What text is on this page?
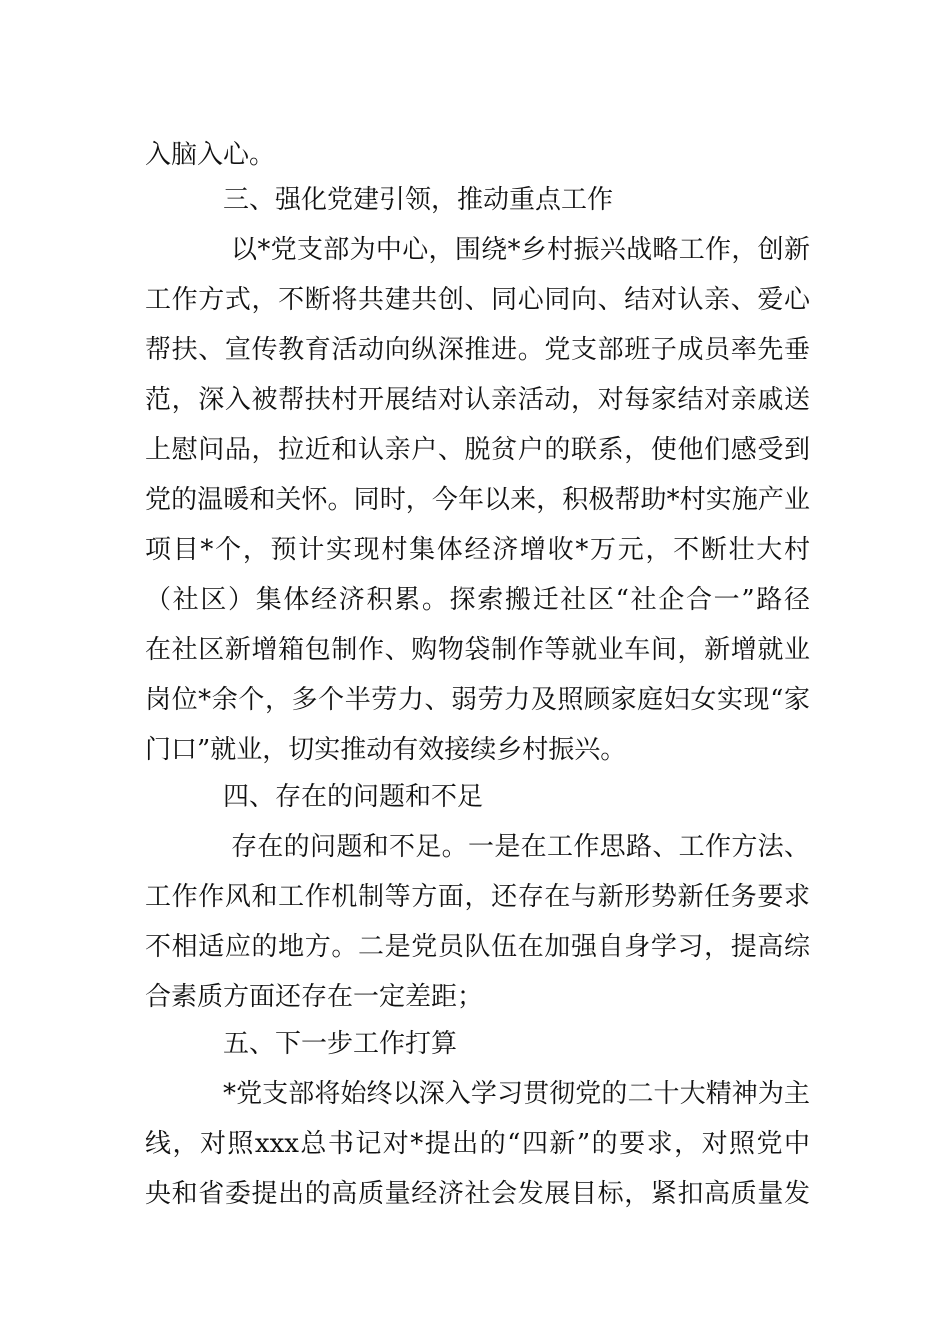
入脑入心。
三、强化党建引领，推动重点工作
以*党支部为中心，围绕*乡村振兴战略工作，创新
工作方式，不断将共建共创、同心同向、结对认亲、爱心
帮扶、宣传教育活动向纵深推进。党支部班子成员率先垂
范，深入被帮扶村开展结对认亲活动，对每家结对亲戚送
上慰问品，拉近和认亲户、脱贫户的联系，使他们感受到
党的温暖和关怀。同时，今年以来，积极帮助*村实施产业
项目*个，预计实现村集体经济增收*万元，不断壮大村
（社区）集体经济积累。探索搬迁社区“社企合一”路径
在社区新增箱包制作、购物袋制作等就业车间，新增就业
岗位*余个，多个半劳力、弱劳力及照顾家庭妇女实现“家
门口”就业，切实推动有效接续乡村振兴。
四、存在的问题和不足
存在的问题和不足。一是在工作思路、工作方法、
工作作风和工作机制等方面，还存在与新形势新任务要求
不相适应的地方。二是党员队伍在加强自身学习，提高综
合素质方面还存在一定差距；
五、下一步工作打算
*党支部将始终以深入学习贯彻党的二十大精神为主
线，对照xxx总书记对*提出的“四新”的要求，对照党中
央和省委提出的高质量经济社会发展目标，紧扣高质量发
